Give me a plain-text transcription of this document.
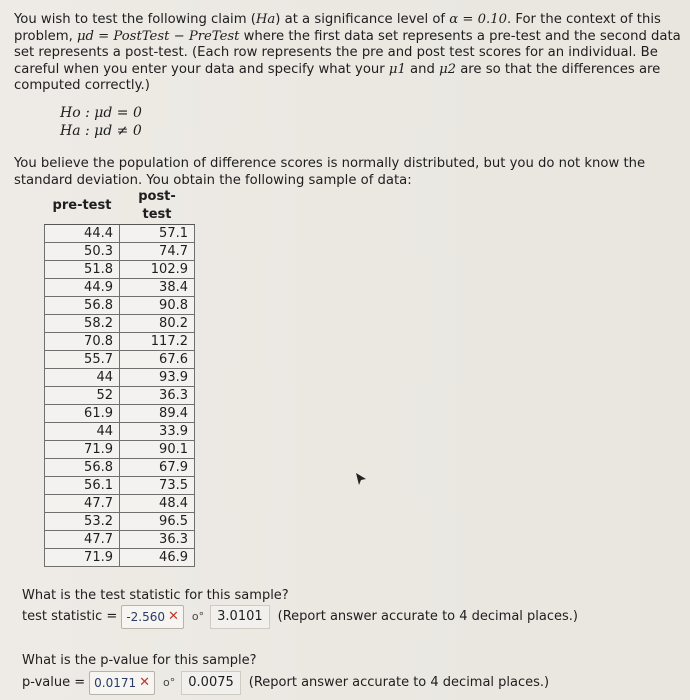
You wish to test the following claim (Ha) at a significance level of α = 0.10. For the context of this problem, μd = PostTest − PreTest where the first data set represents a pre-test and the second data set represents a post-test. (Each row represents the pre and post test scores for an individual. Be careful when you enter your data and specify what your μ1 and μ2 are so that the differences are computed correctly.)
Ho : μd = 0
Ha : μd ≠ 0
You believe the population of difference scores is normally distributed, but you do not know the standard deviation. You obtain the following sample of data:
pre-test	post-test
44.4	57.1
50.3	74.7
51.8	102.9
44.9	38.4
56.8	90.8
58.2	80.2
70.8	117.2
55.7	67.6
44	93.9
52	36.3
61.9	89.4
44	33.9
71.9	90.1
56.8	67.9
56.1	73.5
47.7	48.4
53.2	96.5
47.7	36.3
71.9	46.9
What is the test statistic for this sample?
test statistic = -2.560 ✕ o°	3.0101	(Report answer accurate to 4 decimal places.)
What is the p-value for this sample?
p-value = 0.0171 ✕ o°	0.0075	(Report answer accurate to 4 decimal places.)
